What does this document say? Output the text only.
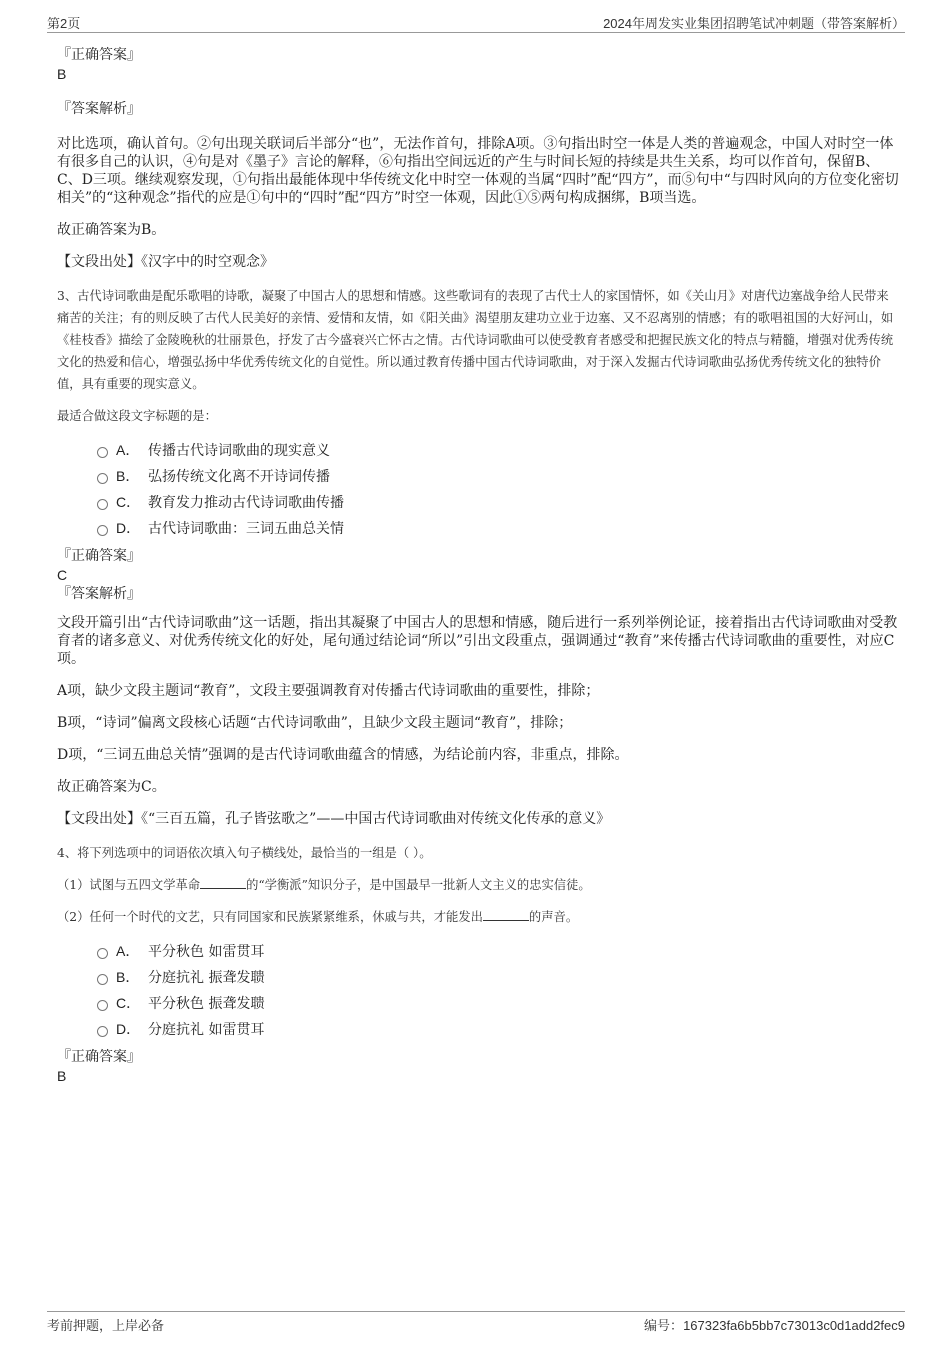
第2页	2024年周发实业集团招聘笔试冲刺题（带答案解析）
『正确答案』
B
『答案解析』

对比选项，确认首句。②句出现关联词后半部分“也”，无法作首句，排除A项。③句指出时空一体是人类的普遍观念，中国人对时空一体有很多自己的认识，④句是对《墨子》言论的解释，⑥句指出空间远近的产生与时间长短的持续是共生关系，均可以作首句，保留B、C、D三项。继续观察发现，①句指出最能体现中华传统文化中时空一体观的当属“四时”配“四方”，而⑤句中“与四时风向的方位变化密切相关”的“这种观念”指代的应是①句中的“四时”配“四方”时空一体观，因此①⑤两句构成捆绑，B项当选。

故正确答案为B。

【文段出处】《汉字中的时空观念》

3、古代诗词歌曲是配乐歌唱的诗歌，凝聚了中国古人的思想和情感。这些歌词有的表现了古代士人的家国情怀，如《关山月》对唐代边塞战争给人民带来痛苦的关注；有的则反映了古代人民美好的亲情、爱情和友情，如《阳关曲》渴望朋友建功立业于边塞、又不忍离别的情感；有的歌唱祖国的大好河山，如《桂枝香》描绘了金陵晚秋的壮丽景色，抒发了古今盛衰兴亡怀古之情。古代诗词歌曲可以使受教育者感受和把握民族文化的特点与精髓，增强对优秀传统文化的热爱和信心，增强弘扬中华优秀传统文化的自觉性。所以通过教育传播中国古代诗词歌曲，对于深入发掘古代诗词歌曲弘扬优秀传统文化的独特价值，具有重要的现实意义。

最适合做这段文字标题的是：

A． 传播古代诗词歌曲的现实意义
B． 弘扬传统文化离不开诗词传播
C． 教育发力推动古代诗词歌曲传播
D． 古代诗词歌曲：三词五曲总关情
『正确答案』
C
『答案解析』

文段开篇引出“古代诗词歌曲”这一话题，指出其凝聚了中国古人的思想和情感，随后进行一系列举例论证，接着指出古代诗词歌曲对受教育者的诸多意义、对优秀传统文化的好处，尾句通过结论词“所以”引出文段重点，强调通过“教育”来传播古代诗词歌曲的重要性，对应C项。

A项，缺少文段主题词“教育”，文段主要强调教育对传播古代诗词歌曲的重要性，排除；

B项，“诗词”偏离文段核心话题“古代诗词歌曲”，且缺少文段主题词“教育”，排除；

D项，“三词五曲总关情”强调的是古代诗词歌曲蕴含的情感，为结论前内容，非重点，排除。

故正确答案为C。

【文段出处】《“三百五篇，孔子皆弦歌之”——中国古代诗词歌曲对传统文化传承的意义》

4、将下列选项中的词语依次填入句子横线处，最恰当的一组是（ ）。

（1）试图与五四文学革命	的“学衡派”知识分子，是中国最早一批新人文主义的忠实信徒。

（2）任何一个时代的文艺，只有同国家和民族紧紧维系，休戚与共，才能发出	的声音。

A． 平分秋色 如雷贯耳
B． 分庭抗礼 振聋发聩
C． 平分秋色 振聋发聩
D． 分庭抗礼 如雷贯耳
『正确答案』
B
考前押题，上岸必备	编号：167323fa6b5bb7c73013c0d1add2fec9
